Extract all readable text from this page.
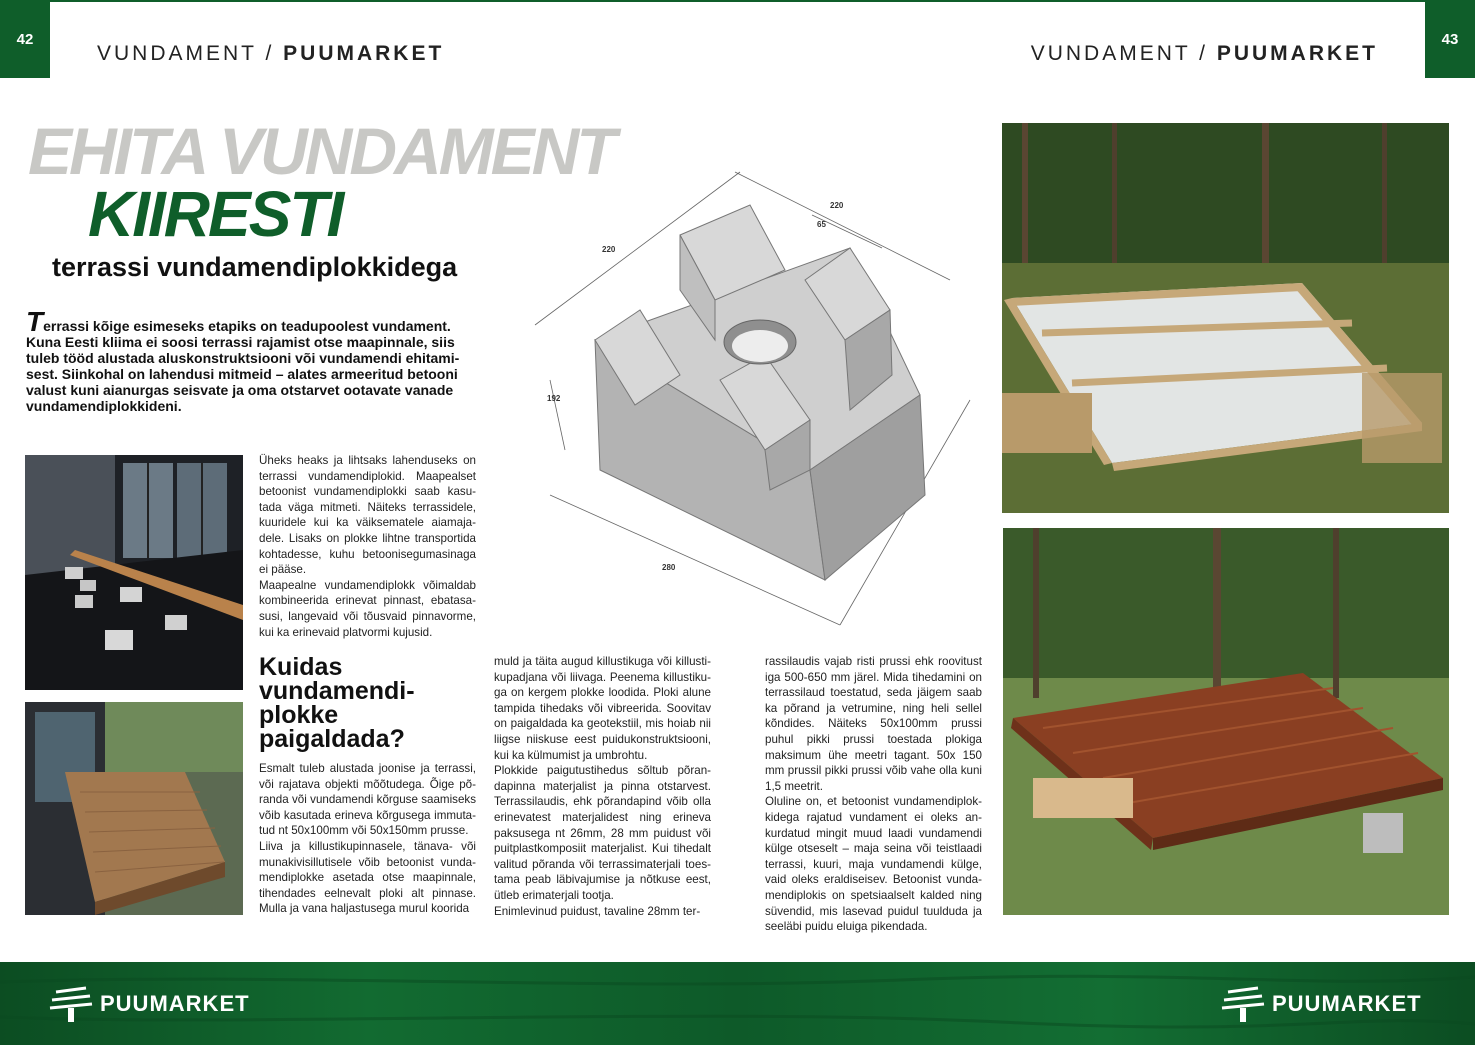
42	43
VUNDAMENT / PUUMARKET	VUNDAMENT / PUUMARKET
EHITA VUNDAMENT
KIIRESTI
terrassi vundamendiplokkidega
Terrassi kõige esimeseks etapiks on teadupoolest vundament. Kuna Eesti kliima ei soosi terrassi rajamist otse maapinnale, siis tuleb tööd alustada aluskonstruktsiooni või vundamendi ehitami-sest. Siinkohal on lahendusi mitmeid – alates armeeritud betooni valust kuni aianurgas seisvate ja oma otstarvet ootavate vanade vundamendiplokkideni.

Üheks heaks ja lihtsaks lahenduseks on terrassi vundamendiplokid. Maapealset betoonist vundamendiplokki saab kasu-tada väga mitmeti. Näiteks terrassidele, kuuridele kui ka väiksematele aiamaja-dele. Lisaks on plokke lihtne transportida kohtadesse, kuhu betoonisegumasinaga ei pääse.

Maapealne vundamendiplokk võimaldab kombineerida erinevat pinnast, ebatasa-susi, langevaid või tõusvaid pinnavorme, kui ka erinevaid platvormi kujusid.

Kuidas vundamendi-plokke paigaldada?

Esmalt tuleb alustada joonise ja terrassi, või rajatava objekti mõõtudega. Õige põ-randa või vundamendi kõrguse saamiseks võib kasutada erineva kõrgusega immuta-tud nt 50x100mm või 50x150mm prusse.

Liiva ja killustikupinnasele, tänava- või munakivisillutisele võib betoonist vunda-mendiplokke asetada otse maapinnale, tihendades eelnevalt ploki alt pinnase. Mulla ja vana haljastusega murul koorida

muld ja täita augud killustikuga või killusti-kupadjana või liivaga. Peenema killustiku-ga on kergem plokke loodida. Ploki alune tampida tihedaks või vibreerida. Soovitav on paigaldada ka geotekstiil, mis hoiab nii liigse niiskuse eest puidukonstruktsiooni, kui ka külmumist ja umbrohtu.

Plokkide paigutustihedus sõltub põran-dapinna materjalist ja pinna otstarvest. Terrassilaudis, ehk põrandapind võib olla erinevatest materjalidest ning erineva paksusega nt 26mm, 28 mm puidust või puitplastkomposiit materjalist. Kui tihedalt valitud põranda või terrassimaterjali toes-tama peab läbivajumise ja nõtkuse eest, ütleb erimaterjali tootja.

Enimlevinud puidust, tavaline 28mm ter-

rassilaudis vajab risti prussi ehk roovitust iga 500-650 mm järel. Mida tihedamini on terrassilaud toestatud, seda jäigem saab ka põrand ja vetrumine, ning heli sellel kõndides. Näiteks 50x100mm prussi puhul pikki prussi toestada plokiga maksimum ühe meetri tagant. 50x 150 mm prussil pikki prussi võib vahe olla kuni 1,5 meetrit.

Oluline on, et betoonist vundamendiplok-kidega rajatud vundament ei oleks an-kurdatud mingit muud laadi vundamendi külge otseselt – maja seina või teistlaadi terrassi, kuuri, maja vundamendi külge, vaid oleks eraldiseisev. Betoonist vunda-mendiplokis on spetsiaalselt kalded ning süvendid, mis lasevad puidul tuulduda ja seeläbi puidu eluiga pikendada.

220
220
65
192
280
PUUMARKET	PUUMARKET
